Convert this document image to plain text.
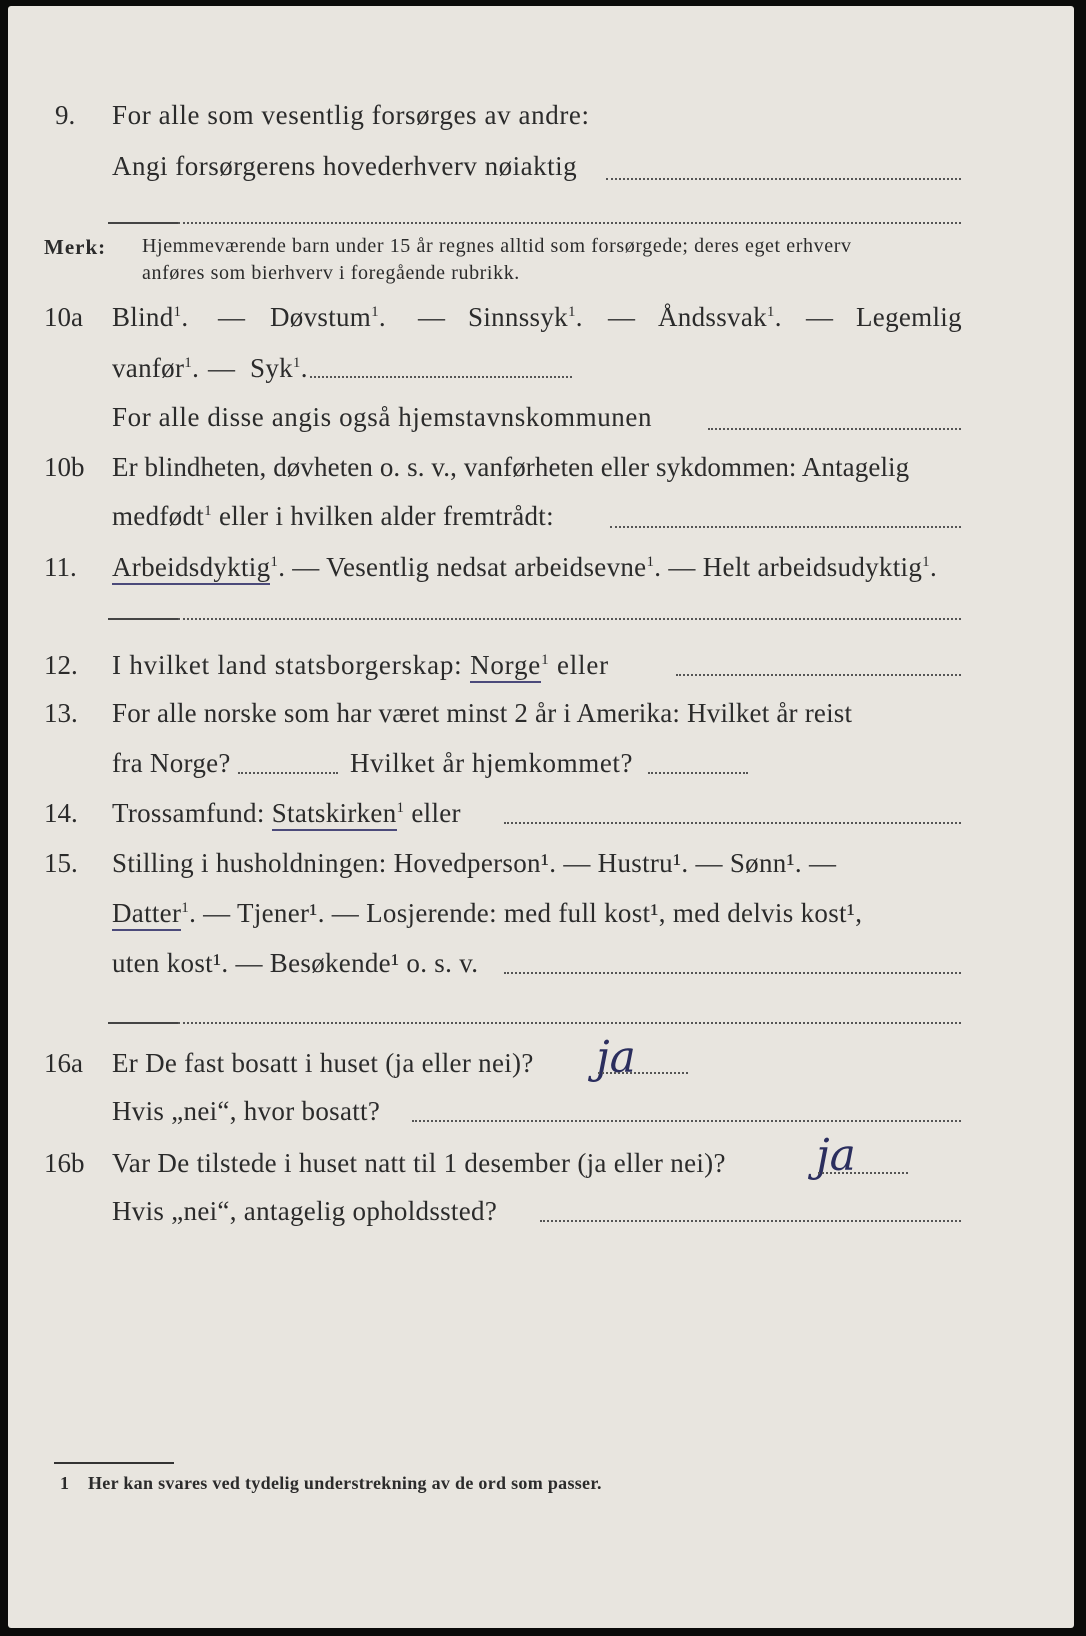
9. For alle som vesentlig forsørges av andre:
Angi forsørgerens hovederhverv nøiaktig
Merk: Hjemmeværende barn under 15 år regnes alltid som forsørgede; deres eget erhverv
anføres som bierhverv i foregående rubrikk.
10a Blind$^1$. — Døvstum$^1$. — Sinnssyk$^1$. — Åndssvak$^1$. — Legemlig
vanfør$^1$. — Syk$^1$.
For alle disse angis også hjemstavnskommunen
10b Er blindheten, døvheten o. s. v., vanførheten eller sykdommen: Antagelig
medfødt$^1$ eller i hvilken alder fremtrådt:
11. Arbeidsdyktig$^1$. — Vesentlig nedsat arbeidsevne$^1$. — Helt arbeidsudyktig$^1$.
12. I hvilket land statsborgerskap: Norge$^1$ eller
13. For alle norske som har været minst 2 år i Amerika: Hvilket år reist
fra Norge?	Hvilket år hjemkommet?
14. Trossamfund: Statskirken$^1$ eller
15. Stilling i husholdningen: Hovedperson¹. — Hustru¹. — Sønn¹. —
Datter$^1$. — Tjener¹. — Losjerende: med full kost¹, med delvis kost¹,
uten kost¹. — Besøkende¹ o. s. v.
16a Er De fast bosatt i huset (ja eller nei)? ja
Hvis „nei“, hvor bosatt?
16b Var De tilstede i huset natt til 1 desember (ja eller nei)? ja
Hvis „nei“, antagelig opholdssted?
1 Her kan svares ved tydelig understrekning av de ord som passer.
